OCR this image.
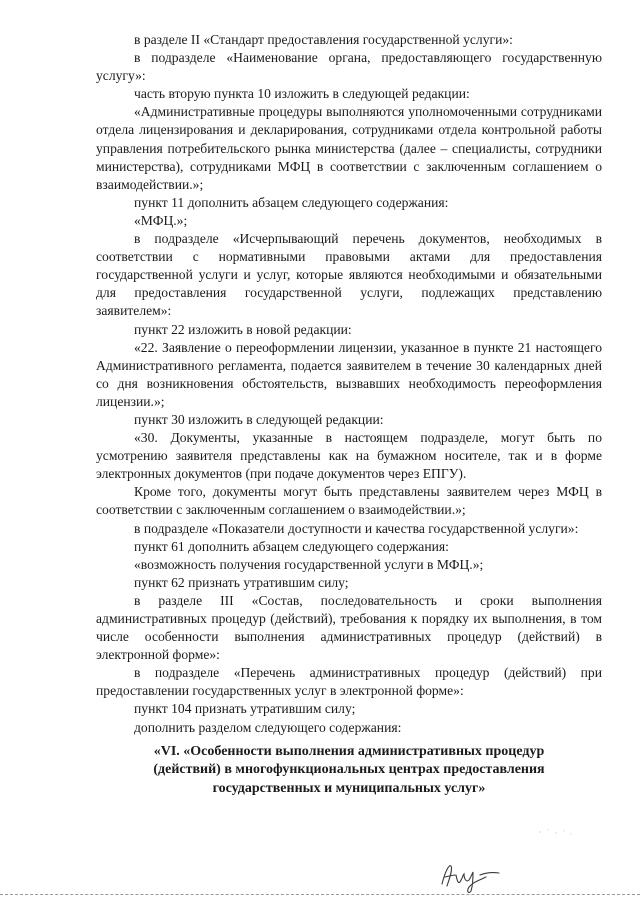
в разделе II «Стандарт предоставления государственной услуги»:

в подразделе «Наименование органа, предоставляющего государственную услугу»:

часть вторую пункта 10 изложить в следующей редакции:

«Административные процедуры выполняются уполномоченными сотрудниками отдела лицензирования и декларирования, сотрудниками отдела контрольной работы управления потребительского рынка министерства (далее – специалисты, сотрудники министерства), сотрудниками МФЦ в соответствии с заключенным соглашением о взаимодействии.»;

пункт 11 дополнить абзацем следующего содержания:

«МФЦ.»;

в подразделе «Исчерпывающий перечень документов, необходимых в соответствии с нормативными правовыми актами для предоставления государственной услуги и услуг, которые являются необходимыми и обязательными для предоставления государственной услуги, подлежащих представлению заявителем»:

пункт 22 изложить в новой редакции:

«22. Заявление о переоформлении лицензии, указанное в пункте 21 настоящего Административного регламента, подается заявителем в течение 30 календарных дней со дня возникновения обстоятельств, вызвавших необходимость переоформления лицензии.»;

пункт 30 изложить в следующей редакции:

«30. Документы, указанные в настоящем подразделе, могут быть по усмотрению заявителя представлены как на бумажном носителе, так и в форме электронных документов (при подаче документов через ЕПГУ).

Кроме того, документы могут быть представлены заявителем через МФЦ в соответствии с заключенным соглашением о взаимодействии.»;

в подразделе «Показатели доступности и качества государственной услуги»:

пункт 61 дополнить абзацем следующего содержания:

«возможность получения государственной услуги в МФЦ.»;

пункт 62 признать утратившим силу;

в разделе III «Состав, последовательность и сроки выполнения административных процедур (действий), требования к порядку их выполнения, в том числе особенности выполнения административных процедур (действий) в электронной форме»:

в подразделе «Перечень административных процедур (действий) при предоставлении государственных услуг в электронной форме»:

пункт 104 признать утратившим силу;

дополнить разделом следующего содержания:

«VI. «Особенности выполнения административных процедур
(действий) в многофункциональных центрах предоставления
государственных и муниципальных услуг»
